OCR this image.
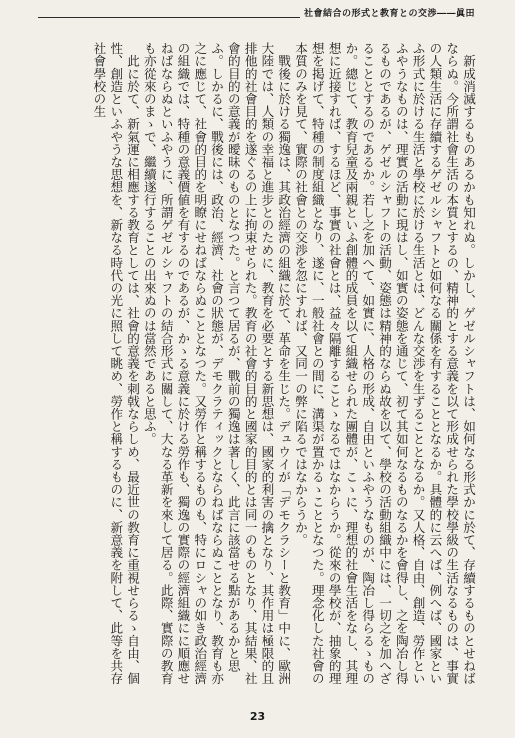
社會結合の形式と教育との交渉――眞田

　新成消滅するものあるかも知れぬ。しかし、ゲゼルシャフトは、如何なる形式かに於て、存續するものとせねばならぬ。今所謂社會生活の本質とするの、精神的とする意義を以て形成せられた學校學級の生活なるものは、事實の人類生活に存續するゲゼルシャフトと如何なる關係を有することとなるか。具體的に云へば、例へば、國家といふ形式に於ける生活と學校に於ける生活とは、どんな交渉を生ずることとなるか。又人格、自由、創造、勞作といふやうなものは、理實の活動に現はし、如實の姿態を通じて、初て其如何なるものなるかを會得し、之を陶冶し得るものであるが、ゲゼルシャフトの活動、姿態は精神的ならぬ故を以て、學校の活動組織中には、一切之を加へざることとするのであるか。若し之を加へて、如實に、人格の形成、自由といふやうなものが、陶冶し得らるゝものか。總じて、教育兒童及兩親といふ創體的成員を以て組織せられた團體が、こゝに、理想的社會生活をなし、其理想に近接すれば、するほど、事實の社會とは、益々隔離することゝなるではなからうか。從來の學校が、抽象的理想を掲げて、特種の制度組織となり、遂に、一般社會との間に、溝渠が置かるゝこととなつた。理念化した社會の本質のみを見て、實際の社會との交渉を忽にすれば、又同一の弊に陷るではなからうか。

　戰後に於ける獨逸は、其政治經濟の組織に於て、革命を生じた。デュウイが「デモクラシーと教育」中に、歐洲大陸では、人類の幸福と進步とのために、教育を必要とする新思想は、國家的利害の擒となり、其作用は極限的且排他的社會目的を遂ぐるの上に拘束せられた。教育の社會的目的と國家的目的とは同一のものとなり、其結果、社會的目的の意義が曖昧のものとなつた。と言つて居るが、戰前の獨逸は著しく、此言に該當せる點があるかと思ふ。しかるに、戰後には、政治、經濟、社會の狀態が、デモクラティックとならねばならぬこととなり、教育も亦之に應じて、社會的目的を明瞭にせねばならぬこととなつた。又勞作と稱するものも、特にロシャの如き政治經濟の組織では、特種の意義價値を有するのであるが、かゝる意義に於ける勞作も、獨逸の實際の經濟組織にに順應せねばならぬといふやうに、所謂ゲゼルシャフトの結合形式に關して、大なる革新を來して居る。此際、實際の教育も亦從來のまゝで、繼續遂行することの出來ぬのは當然であると思ふ。

　此に於て、新氣運に相應する教育としては、社會的意義を刺戟ならしめ、最近世の教育に重視せらるゝ自由、個性、創造といふやうな思想を、新なる時代の光に照して眺め、勞作と稱するものに、新意義を附して、此等を共存社會學校の生

23
